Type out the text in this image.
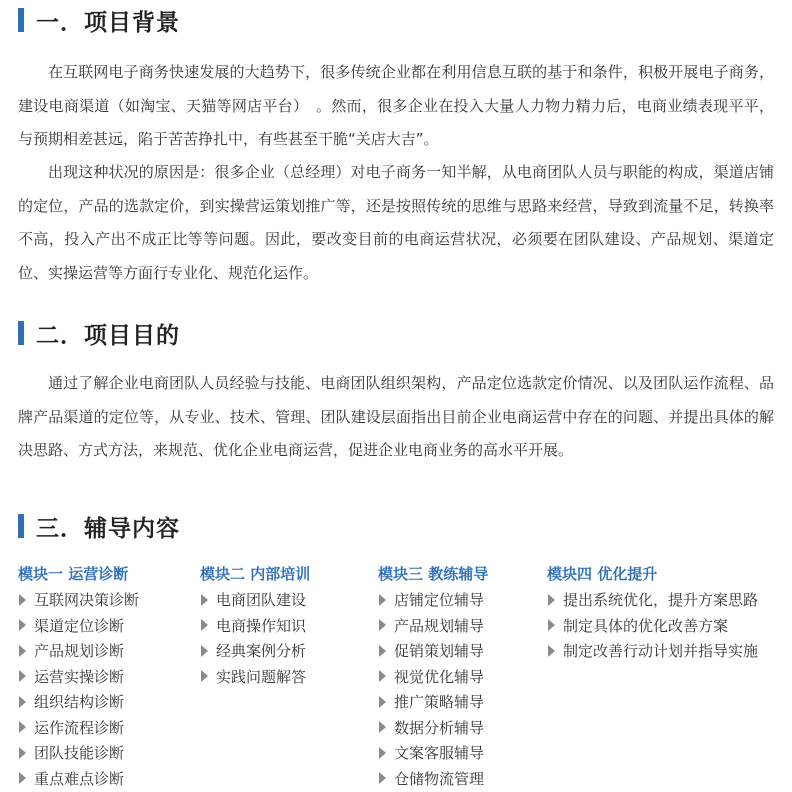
一．项目背景

在互联网电子商务快速发展的大趋势下，很多传统企业都在利用信息互联的基于和条件，积极开展电子商务，建设电商渠道（如淘宝、天猫等网店平台）　。然而，很多企业在投入大量人力物力精力后，电商业绩表现平平，与预期相差甚远，陷于苦苦挣扎中，有些甚至干脆“关店大吉”。

出现这种状况的原因是：很多企业（总经理）对电子商务一知半解，从电商团队人员与职能的构成，渠道店铺的定位，产品的选款定价，到实操营运策划推广等，还是按照传统的思维与思路来经营，导致到流量不足，转换率不高，投入产出不成正比等等问题。因此，要改变目前的电商运营状况，必须要在团队建设、产品规划、渠道定位、实操运营等方面行专业化、规范化运作。

二．项目目的

通过了解企业电商团队人员经验与技能、电商团队组织架构，产品定位选款定价情况、以及团队运作流程、品牌产品渠道的定位等，从专业、技术、管理、团队建设层面指出目前企业电商运营中存在的问题、并提出具体的解决思路、方式方法，来规范、优化企业电商运营，促进企业电商业务的高水平开展。

三．辅导内容
模块一 运营诊断
互联网决策诊断
渠道定位诊断
产品规划诊断
运营实操诊断
组织结构诊断
运作流程诊断
团队技能诊断
重点难点诊断
模块二 内部培训
电商团队建设
电商操作知识
经典案例分析
实践问题解答
模块三 教练辅导
店铺定位辅导
产品规划辅导
促销策划辅导
视觉优化辅导
推广策略辅导
数据分析辅导
文案客服辅导
仓储物流管理
模块四 优化提升
提出系统优化，提升方案思路
制定具体的优化改善方案
制定改善行动计划并指导实施
